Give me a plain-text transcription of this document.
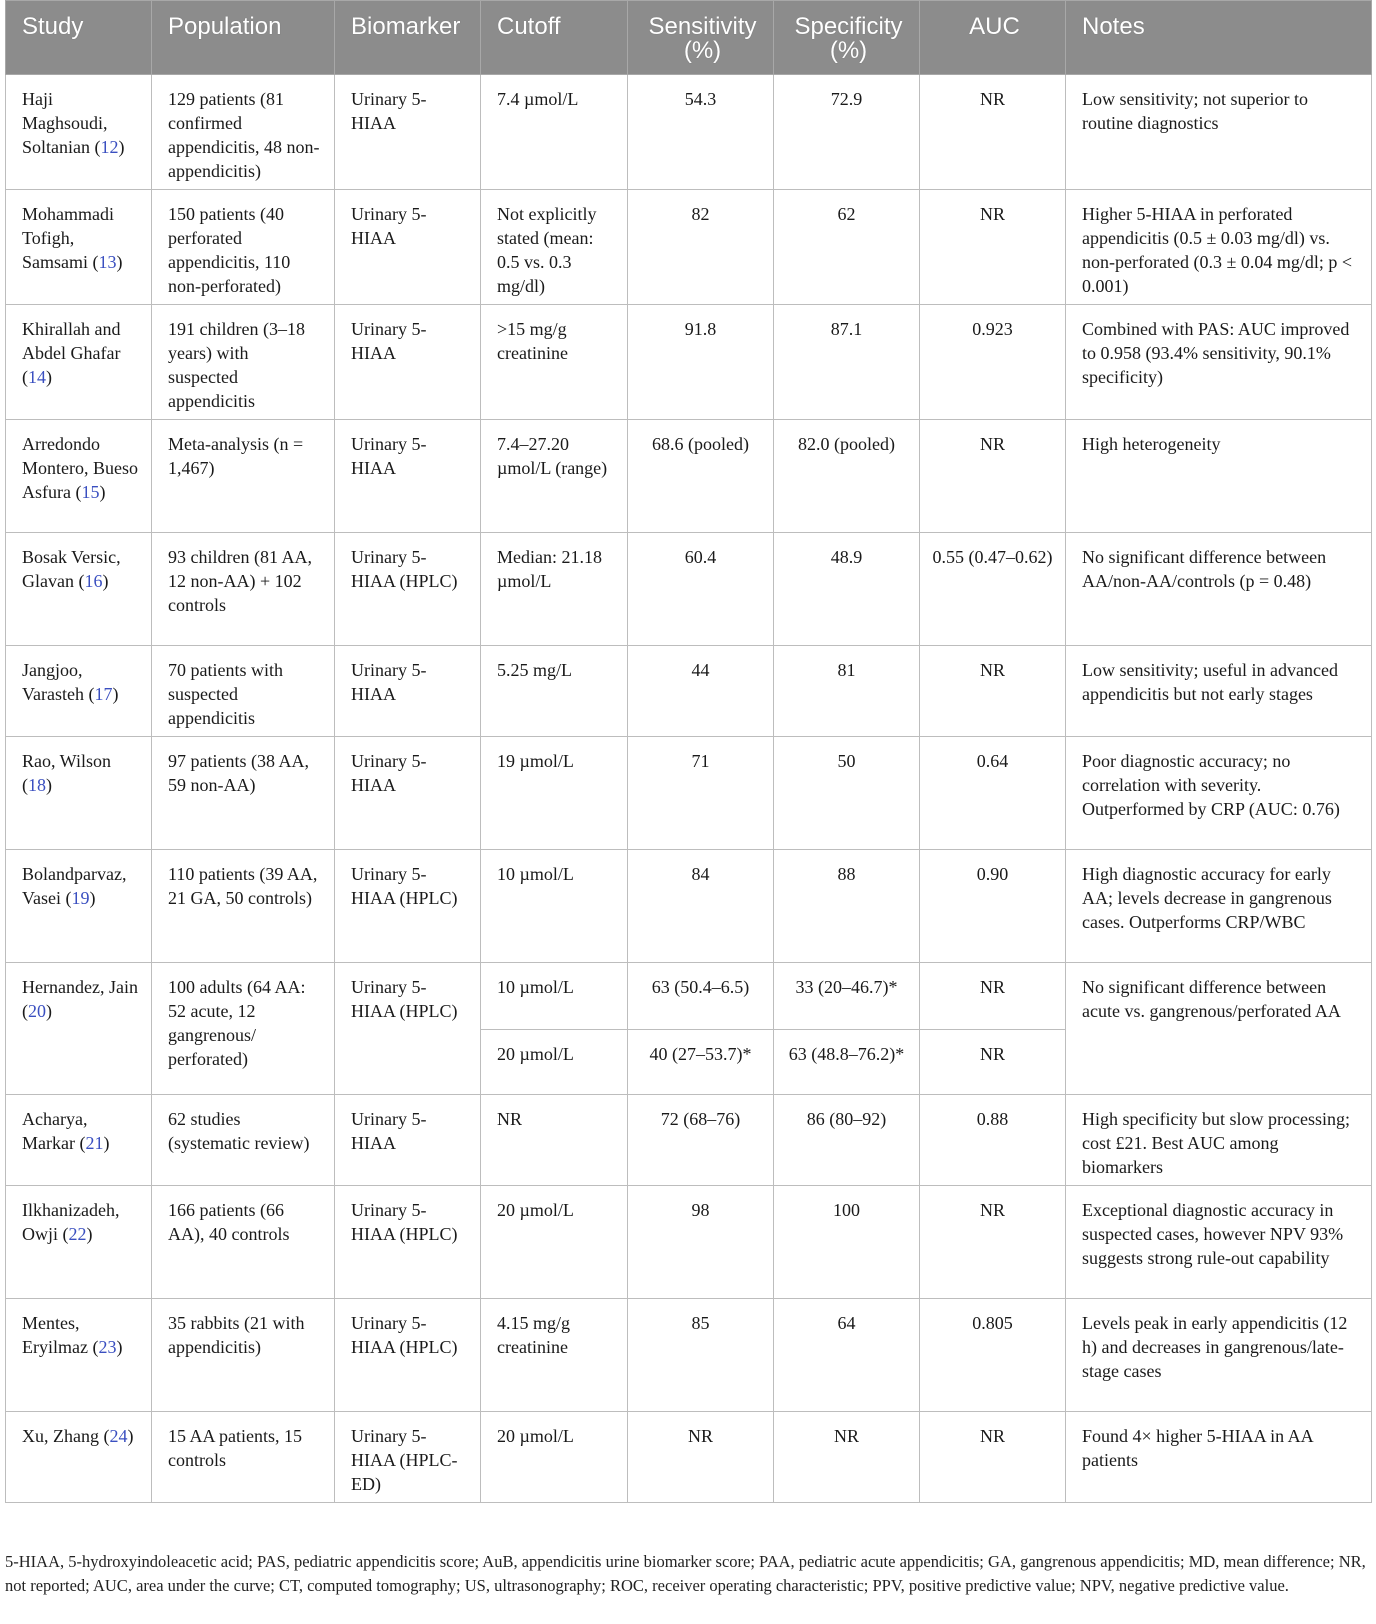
Study	Population	Biomarker	Cutoff	Sensitivity (%)	Specificity (%)	AUC	Notes
Haji Maghsoudi, Soltanian (12)	129 patients (81 confirmed appendicitis, 48 non-appendicitis)	Urinary 5-HIAA	7.4 µmol/L	54.3	72.9	NR	Low sensitivity; not superior to routine diagnostics
Mohammadi Tofigh, Samsami (13)	150 patients (40 perforated appendicitis, 110 non-perforated)	Urinary 5-HIAA	Not explicitly stated (mean: 0.5 vs. 0.3 mg/dl)	82	62	NR	Higher 5-HIAA in perforated appendicitis (0.5 ± 0.03 mg/dl) vs. non-perforated (0.3 ± 0.04 mg/dl; p < 0.001)
Khirallah and Abdel Ghafar (14)	191 children (3–18 years) with suspected appendicitis	Urinary 5-HIAA	>15 mg/g creatinine	91.8	87.1	0.923	Combined with PAS: AUC improved to 0.958 (93.4% sensitivity, 90.1% specificity)
Arredondo Montero, Bueso Asfura (15)	Meta-analysis (n = 1,467)	Urinary 5-HIAA	7.4–27.20 µmol/L (range)	68.6 (pooled)	82.0 (pooled)	NR	High heterogeneity
Bosak Versic, Glavan (16)	93 children (81 AA, 12 non-AA) + 102 controls	Urinary 5-HIAA (HPLC)	Median: 21.18 µmol/L	60.4	48.9	0.55 (0.47–0.62)	No significant difference between AA/non-AA/controls (p = 0.48)
Jangjoo, Varasteh (17)	70 patients with suspected appendicitis	Urinary 5-HIAA	5.25 mg/L	44	81	NR	Low sensitivity; useful in advanced appendicitis but not early stages
Rao, Wilson (18)	97 patients (38 AA, 59 non-AA)	Urinary 5-HIAA	19 µmol/L	71	50	0.64	Poor diagnostic accuracy; no correlation with severity. Outperformed by CRP (AUC: 0.76)
Bolandparvaz, Vasei (19)	110 patients (39 AA, 21 GA, 50 controls)	Urinary 5-HIAA (HPLC)	10 µmol/L	84	88	0.90	High diagnostic accuracy for early AA; levels decrease in gangrenous cases. Outperforms CRP/WBC
Hernandez, Jain (20)	100 adults (64 AA: 52 acute, 12 gangrenous/ perforated)	Urinary 5-HIAA (HPLC)	10 µmol/L	63 (50.4–6.5)	33 (20–46.7)*	NR	No significant difference between acute vs. gangrenous/perforated AA
			20 µmol/L	40 (27–53.7)*	63 (48.8–76.2)*	NR	
Acharya, Markar (21)	62 studies (systematic review)	Urinary 5-HIAA	NR	72 (68–76)	86 (80–92)	0.88	High specificity but slow processing; cost £21. Best AUC among biomarkers
Ilkhanizadeh, Owji (22)	166 patients (66 AA), 40 controls	Urinary 5-HIAA (HPLC)	20 µmol/L	98	100	NR	Exceptional diagnostic accuracy in suspected cases, however NPV 93% suggests strong rule-out capability
Mentes, Eryilmaz (23)	35 rabbits (21 with appendicitis)	Urinary 5-HIAA (HPLC)	4.15 mg/g creatinine	85	64	0.805	Levels peak in early appendicitis (12 h) and decreases in gangrenous/late-stage cases
Xu, Zhang (24)	15 AA patients, 15 controls	Urinary 5-HIAA (HPLC-ED)	20 µmol/L	NR	NR	NR	Found 4× higher 5-HIAA in AA patients
5-HIAA, 5-hydroxyindoleacetic acid; PAS, pediatric appendicitis score; AuB, appendicitis urine biomarker score; PAA, pediatric acute appendicitis; GA, gangrenous appendicitis; MD, mean difference; NR, not reported; AUC, area under the curve; CT, computed tomography; US, ultrasonography; ROC, receiver operating characteristic; PPV, positive predictive value; NPV, negative predictive value.
